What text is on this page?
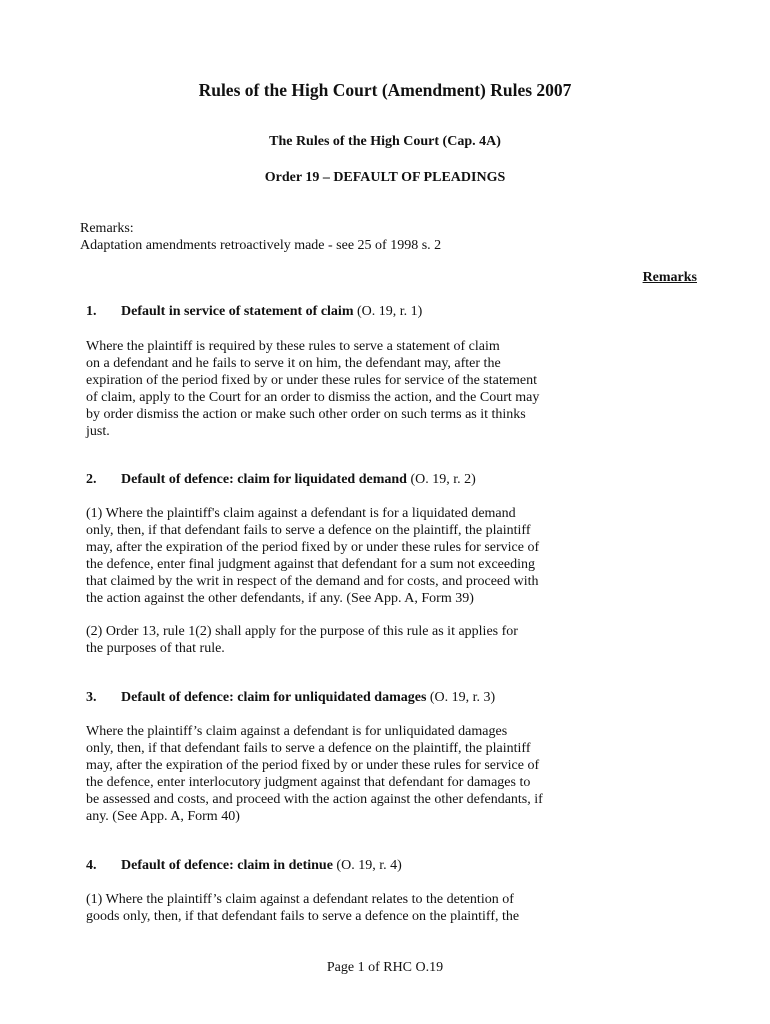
Rules of the High Court (Amendment) Rules 2007
The Rules of the High Court (Cap. 4A)
Order 19 – DEFAULT OF PLEADINGS
Remarks:
Adaptation amendments retroactively made - see 25 of 1998 s. 2
Remarks
1. Default in service of statement of claim (O. 19, r. 1)
Where the plaintiff is required by these rules to serve a statement of claim
on a defendant and he fails to serve it on him, the defendant may, after the
expiration of the period fixed by or under these rules for service of the statement
of claim, apply to the Court for an order to dismiss the action, and the Court may
by order dismiss the action or make such other order on such terms as it thinks
just.
2. Default of defence: claim for liquidated demand (O. 19, r. 2)
(1) Where the plaintiff's claim against a defendant is for a liquidated demand
only, then, if that defendant fails to serve a defence on the plaintiff, the plaintiff
may, after the expiration of the period fixed by or under these rules for service of
the defence, enter final judgment against that defendant for a sum not exceeding
that claimed by the writ in respect of the demand and for costs, and proceed with
the action against the other defendants, if any. (See App. A, Form 39)
(2) Order 13, rule 1(2) shall apply for the purpose of this rule as it applies for
the purposes of that rule.
3. Default of defence: claim for unliquidated damages (O. 19, r. 3)
Where the plaintiff’s claim against a defendant is for unliquidated damages
only, then, if that defendant fails to serve a defence on the plaintiff, the plaintiff
may, after the expiration of the period fixed by or under these rules for service of
the defence, enter interlocutory judgment against that defendant for damages to
be assessed and costs, and proceed with the action against the other defendants, if
any. (See App. A, Form 40)
4. Default of defence: claim in detinue (O. 19, r. 4)
(1) Where the plaintiff’s claim against a defendant relates to the detention of
goods only, then, if that defendant fails to serve a defence on the plaintiff, the
Page 1 of RHC O.19
